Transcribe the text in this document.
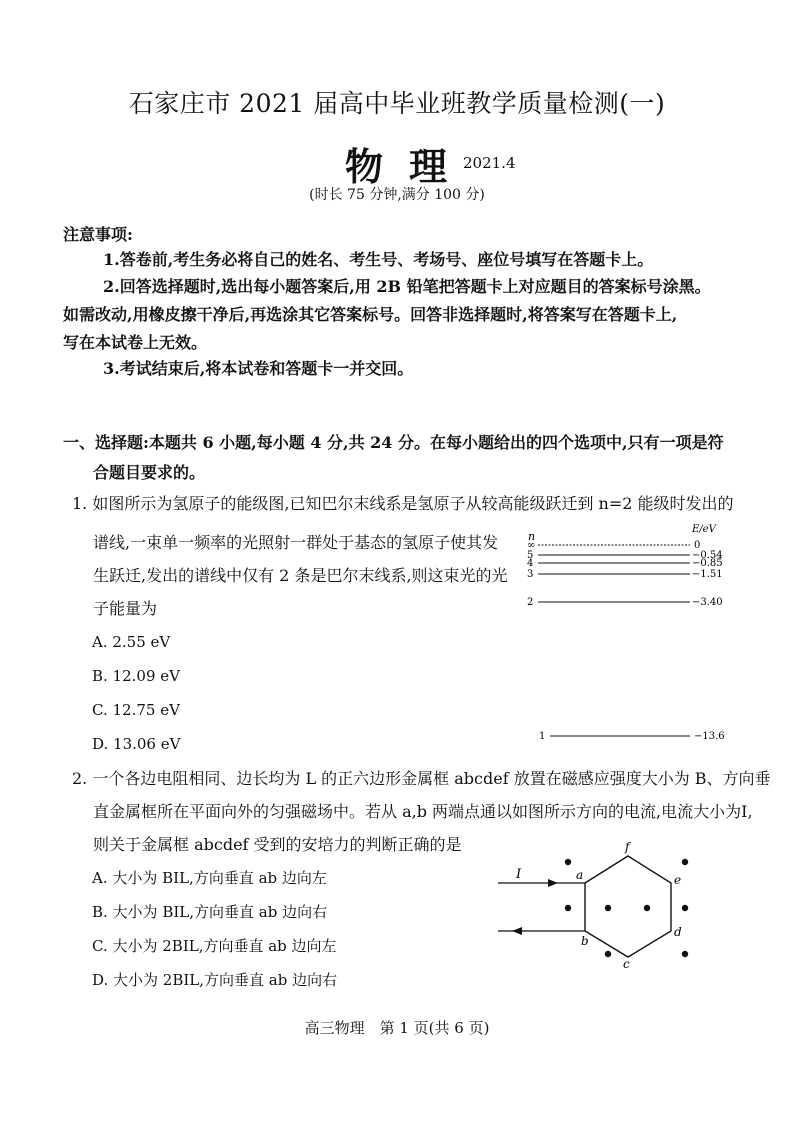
石家庄市 2021 届高中毕业班教学质量检测(一)
物理
2021.4
(时长 75 分钟,满分 100 分)
注意事项:
1.答卷前,考生务必将自己的姓名、考生号、考场号、座位号填写在答题卡上。
2.回答选择题时,选出每小题答案后,用 2B 铅笔把答题卡上对应题目的答案标号涂黑。
如需改动,用橡皮擦干净后,再选涂其它答案标号。回答非选择题时,将答案写在答题卡上,
写在本试卷上无效。
3.考试结束后,将本试卷和答题卡一并交回。
一、选择题:本题共 6 小题,每小题 4 分,共 24 分。在每小题给出的四个选项中,只有一项是符
合题目要求的。
1. 如图所示为氢原子的能级图,已知巴尔末线系是氢原子从较高能级跃迁到 n=2 能级时发出的
谱线,一束单一频率的光照射一群处于基态的氢原子使其发
生跃迁,发出的谱线中仅有 2 条是巴尔末线系,则这束光的光
子能量为
A. 2.55 eV
B. 12.09 eV
C. 12.75 eV
D. 13.06 eV
n
E/eV
∞	0
5	−0.54
4	−0.85
3	−1.51
2	−3.40
1	−13.6
2. 一个各边电阻相同、边长均为 L 的正六边形金属框 abcdef 放置在磁感应强度大小为 B、方向垂
直金属框所在平面向外的匀强磁场中。若从 a,b 两端点通以如图所示方向的电流,电流大小为I,
则关于金属框 abcdef 受到的安培力的判断正确的是
A. 大小为 BIL,方向垂直 ab 边向左
B. 大小为 BIL,方向垂直 ab 边向右
C. 大小为 2BIL,方向垂直 ab 边向左
D. 大小为 2BIL,方向垂直 ab 边向右
I	a
b
c
d
e
f
高三物理　第 1 页(共 6 页)
